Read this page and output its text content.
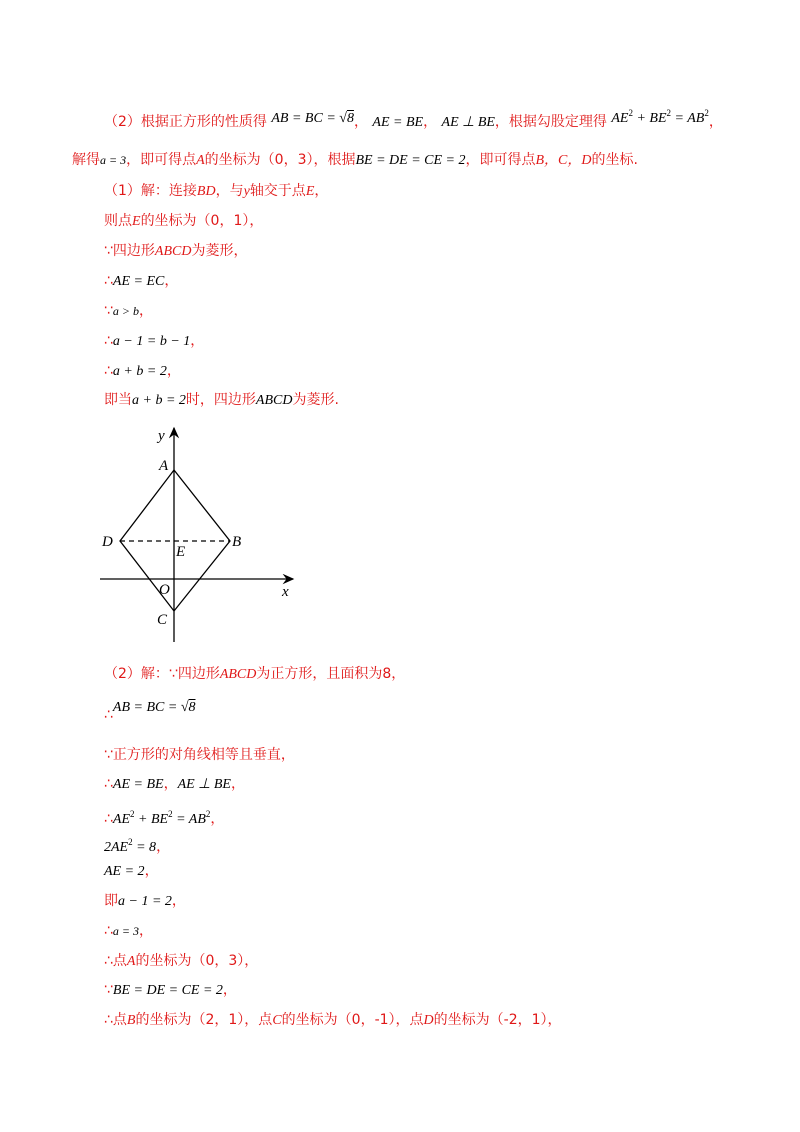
（2）根据正方形的性质得 AB = BC = √8， AE = BE， AE ⊥ BE，根据勾股定理得 $AE^2 + BE^2 = AB^2$，
解得a = 3，即可得点A的坐标为（0，3），根据BE = DE = CE = 2，即可得点B，C，D的坐标.
（1）解：连接BD，与y轴交于点E，
则点E的坐标为（0，1），
∵四边形ABCD为菱形，
∴AE = EC，
∵a > b，
∴a − 1 = b − 1，
∴a + b = 2，
即当a + b = 2时，四边形ABCD为菱形.
y
x
A
B
C
D
E
O
（2）解：∵四边形ABCD为正方形，且面积为8，
∴AB = BC = √8
∵正方形的对角线相等且垂直，
∴AE = BE，AE ⊥ BE，
$\therefore AE^2 + BE^2 = AB^2$，
$2AE^2 = 8$，
AE = 2，
即a − 1 = 2，
∴a = 3，
∴点A的坐标为（0，3），
∵BE = DE = CE = 2，
∴点B的坐标为（2，1），点C的坐标为（0，-1），点D的坐标为（-2，1），
